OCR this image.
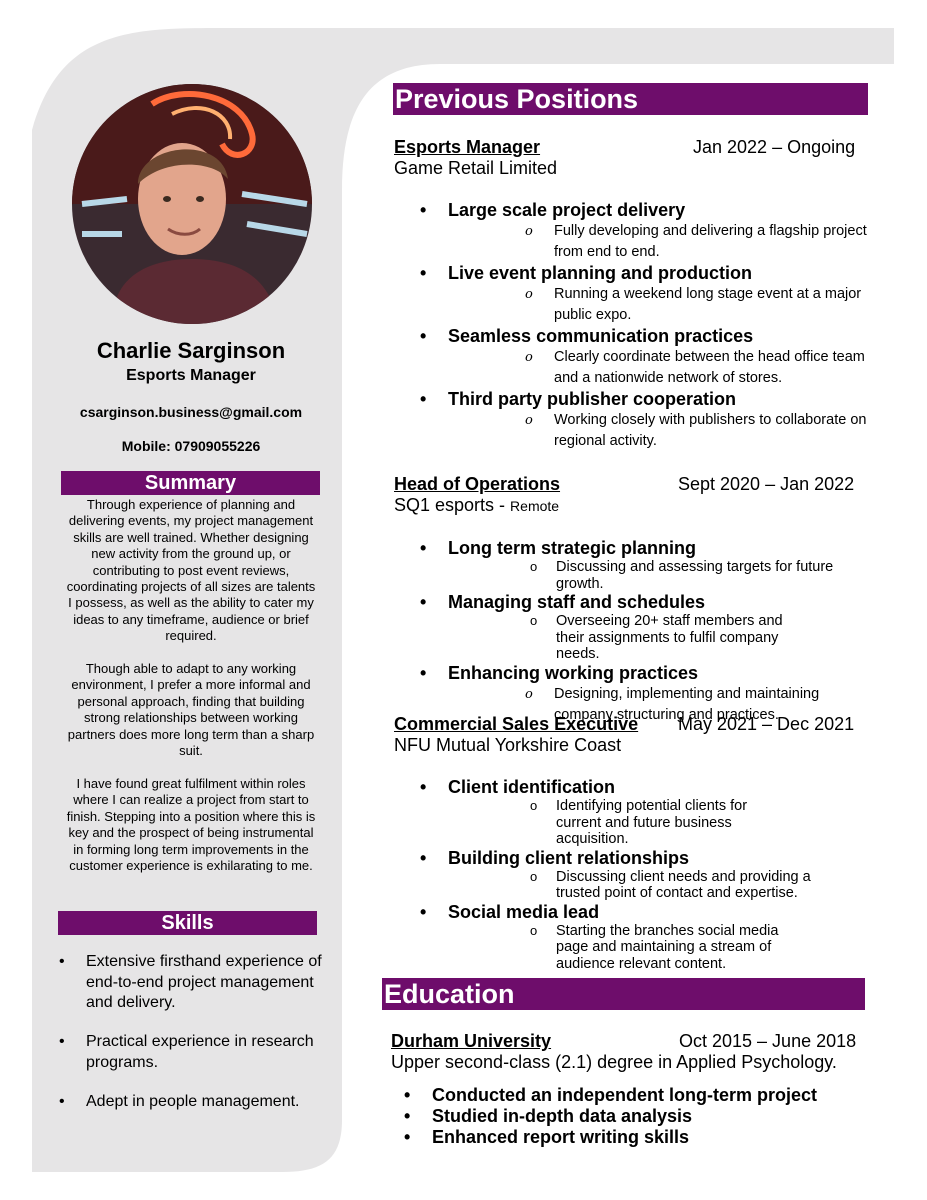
Charlie Sarginson
Esports Manager
csarginson.business@gmail.com
Mobile: 07909055226
Summary

Through experience of planning and delivering events, my project management skills are well trained. Whether designing new activity from the ground up, or contributing to post event reviews, coordinating projects of all sizes are talents I possess, as well as the ability to cater my ideas to any timeframe, audience or brief required.

Though able to adapt to any working environment, I prefer a more informal and personal approach, finding that building strong relationships between working partners does more long term than a sharp suit.

I have found great fulfilment within roles where I can realize a project from start to finish. Stepping into a position where this is key and the prospect of being instrumental in forming long term improvements in the customer experience is exhilarating to me.

Skills
• Extensive firsthand experience of end-to-end project management and delivery.
• Practical experience in research programs.
• Adept in people management.
Previous Positions
Esports Manager	Jan 2022 – Ongoing
Game Retail Limited
• Large scale project delivery
o Fully developing and delivering a flagship project from end to end.
• Live event planning and production
o Running a weekend long stage event at a major public expo.
• Seamless communication practices
o Clearly coordinate between the head office team and a nationwide network of stores.
• Third party publisher cooperation
o Working closely with publishers to collaborate on regional activity.
Head of Operations	Sept 2020 – Jan 2022
SQ1 esports - Remote
• Long term strategic planning
o Discussing and assessing targets for future growth.
• Managing staff and schedules
o Overseeing 20+ staff members and their assignments to fulfil company needs.
• Enhancing working practices
o Designing, implementing and maintaining company structuring and practices.
Commercial Sales Executive May 2021 – Dec 2021
NFU Mutual Yorkshire Coast
• Client identification
o Identifying potential clients for current and future business acquisition.
• Building client relationships
o Discussing client needs and providing a trusted point of contact and expertise.
• Social media lead
o Starting the branches social media page and maintaining a stream of audience relevant content.
Education
Durham University	Oct 2015 – June 2018
Upper second-class (2.1) degree in Applied Psychology.
• Conducted an independent long-term project
• Studied in-depth data analysis
• Enhanced report writing skills
